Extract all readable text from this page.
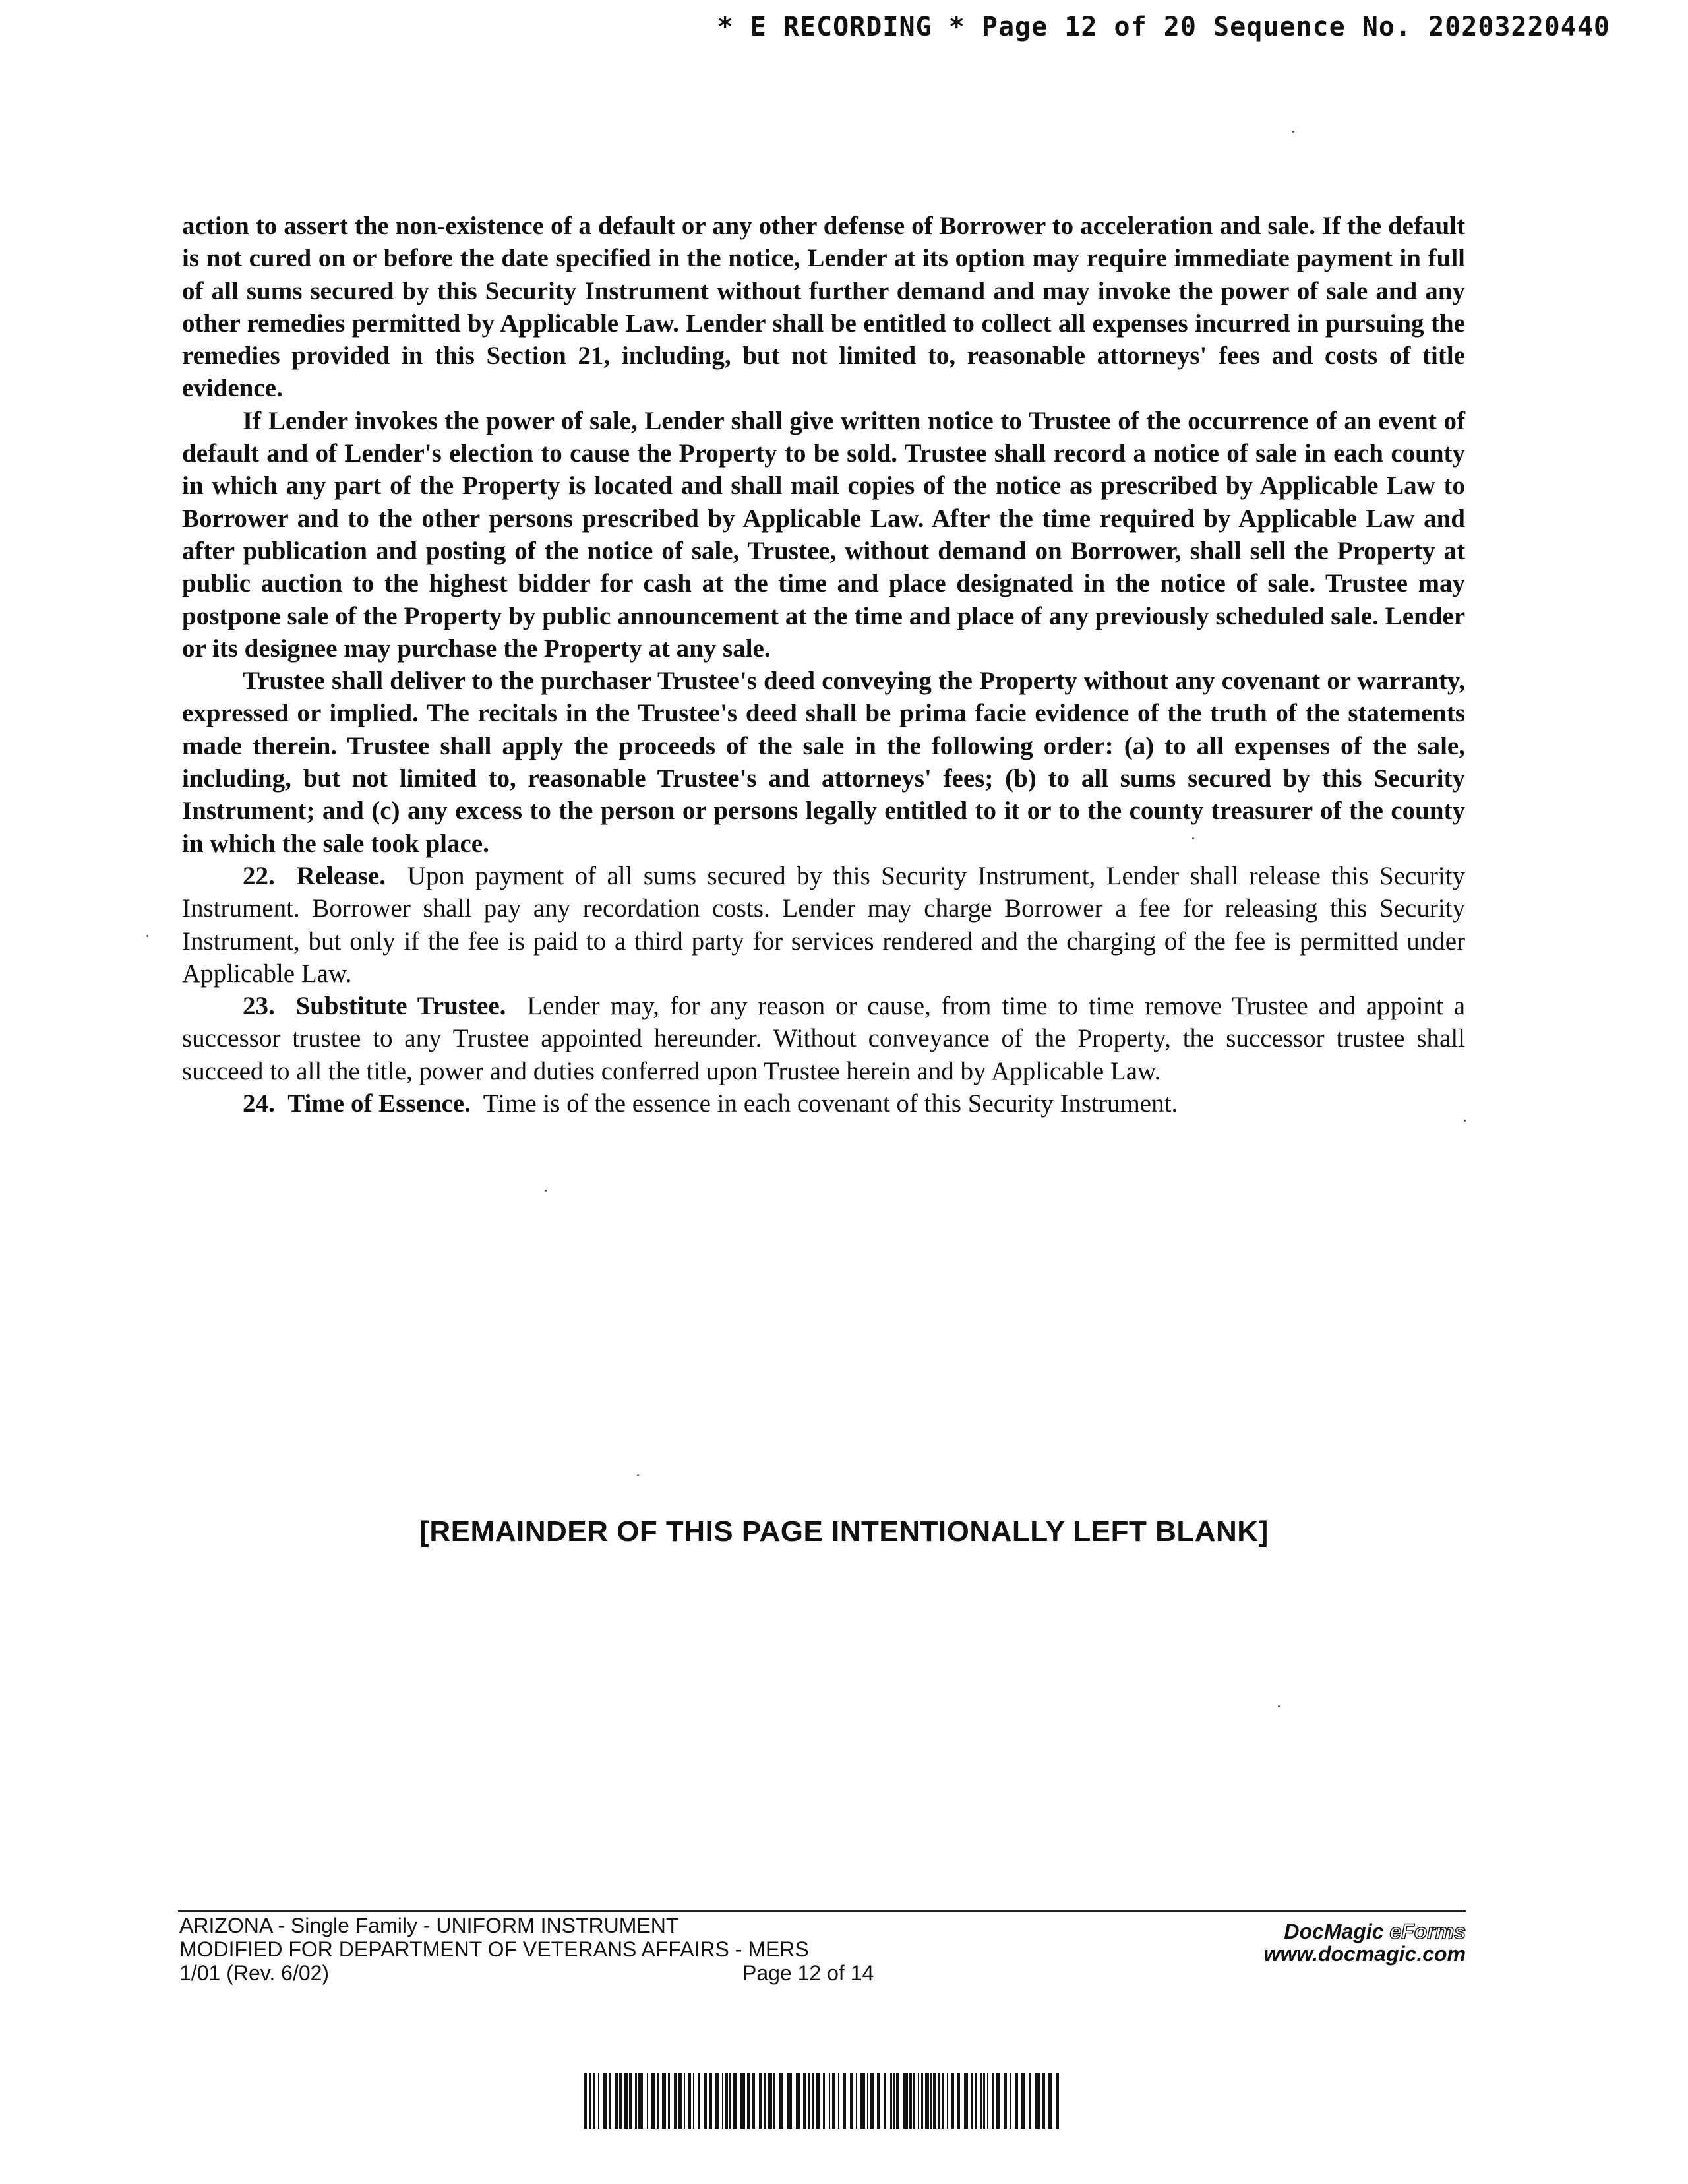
* E RECORDING * Page 12 of 20 Sequence No. 20203220440

action to assert the non-existence of a default or any other defense of Borrower to acceleration and sale. If the default is not cured on or before the date specified in the notice, Lender at its option may require immediate payment in full of all sums secured by this Security Instrument without further demand and may invoke the power of sale and any other remedies permitted by Applicable Law. Lender shall be entitled to collect all expenses incurred in pursuing the remedies provided in this Section 21, including, but not limited to, reasonable attorneys' fees and costs of title evidence.

If Lender invokes the power of sale, Lender shall give written notice to Trustee of the occurrence of an event of default and of Lender's election to cause the Property to be sold. Trustee shall record a notice of sale in each county in which any part of the Property is located and shall mail copies of the notice as prescribed by Applicable Law to Borrower and to the other persons prescribed by Applicable Law. After the time required by Applicable Law and after publication and posting of the notice of sale, Trustee, without demand on Borrower, shall sell the Property at public auction to the highest bidder for cash at the time and place designated in the notice of sale. Trustee may postpone sale of the Property by public announcement at the time and place of any previously scheduled sale. Lender or its designee may purchase the Property at any sale.

Trustee shall deliver to the purchaser Trustee's deed conveying the Property without any covenant or warranty, expressed or implied. The recitals in the Trustee's deed shall be prima facie evidence of the truth of the statements made therein. Trustee shall apply the proceeds of the sale in the following order: (a) to all expenses of the sale, including, but not limited to, reasonable Trustee's and attorneys' fees; (b) to all sums secured by this Security Instrument; and (c) any excess to the person or persons legally entitled to it or to the county treasurer of the county in which the sale took place.

22. Release. Upon payment of all sums secured by this Security Instrument, Lender shall release this Security Instrument. Borrower shall pay any recordation costs. Lender may charge Borrower a fee for releasing this Security Instrument, but only if the fee is paid to a third party for services rendered and the charging of the fee is permitted under Applicable Law.

23. Substitute Trustee. Lender may, for any reason or cause, from time to time remove Trustee and appoint a successor trustee to any Trustee appointed hereunder. Without conveyance of the Property, the successor trustee shall succeed to all the title, power and duties conferred upon Trustee herein and by Applicable Law.

24. Time of Essence. Time is of the essence in each covenant of this Security Instrument.

[REMAINDER OF THIS PAGE INTENTIONALLY LEFT BLANK]
ARIZONA - Single Family - UNIFORM INSTRUMENT
MODIFIED FOR DEPARTMENT OF VETERANS AFFAIRS - MERS
1/01 (Rev. 6/02)	Page 12 of 14
DocMagic eForms
www.docmagic.com
